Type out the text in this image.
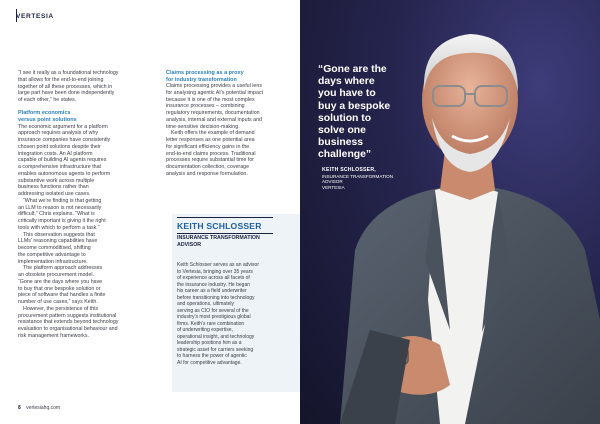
VERTESIA

“I see it really as a foundational technology

that allows for the end-to-end joining

together of all these processes, which in

large part have been done independently

of each other,” he states.

Platform economics

versus point solutions

The economic argument for a platform

approach requires analysis of why

insurance companies have consistently

chosen point solutions despite their

integration costs. An AI platform

capable of building AI agents requires

a comprehensive infrastructure that

enables autonomous agents to perform

substantive work across multiple

business functions rather than

addressing isolated use cases.

“What we’re finding is that getting

an LLM to reason is not necessarily

difficult,” Chris explains. “What is

critically important is giving it the right

tools with which to perform a task.”

This observation suggests that

LLMs’ reasoning capabilities have

become commoditised, shifting

the competitive advantage to

implementation infrastructure.

The platform approach addresses

an obsolete procurement model.

“Gone are the days where you have

to buy that one bespoke solution or

piece of software that handles a finite

number of use cases,” says Keith.

However, the persistence of this

procurement pattern suggests institutional

resistance that extends beyond technology

evaluation to organisational behaviour and

risk management frameworks.

Claims processing as a proxy

for industry transformation

Claims processing provides a useful lens

for analysing agentic AI’s potential impact

because it is one of the most complex

insurance processes – combining

regulatory requirements, documentation

analysis, internal and external inputs and

time-sensitive decision-making.

Keith offers the example of demand

letter responses as one potential area

for significant efficiency gains in the

end-to-end claims process. Traditional

processes require substantial time for

documentation collection, coverage

analysis and response formulation.

KEITH SCHLOSSER

INSURANCE TRANSFORMATION

ADVISOR

Keith Schlosser serves as an advisor

to Vertesia, bringing over 35 years

of experience across all facets of

the insurance industry. He began

his career as a field underwriter

before transitioning into technology

and operations, ultimately

serving as CIO for several of the

industry’s most prestigious global

firms. Keith’s rare combination

of underwriting expertise,

operational insight, and technology

leadership positions him as a

strategic asset for carriers seeking

to harness the power of agentic

AI for competitive advantage.

8 vertesiahq.com

“Gone are the

days where

you have to

buy a bespoke

solution to

solve one

business

challenge”

KEITH SCHLOSSER,

INSURANCE TRANSFORMATION

ADVISOR

VERTESIA
